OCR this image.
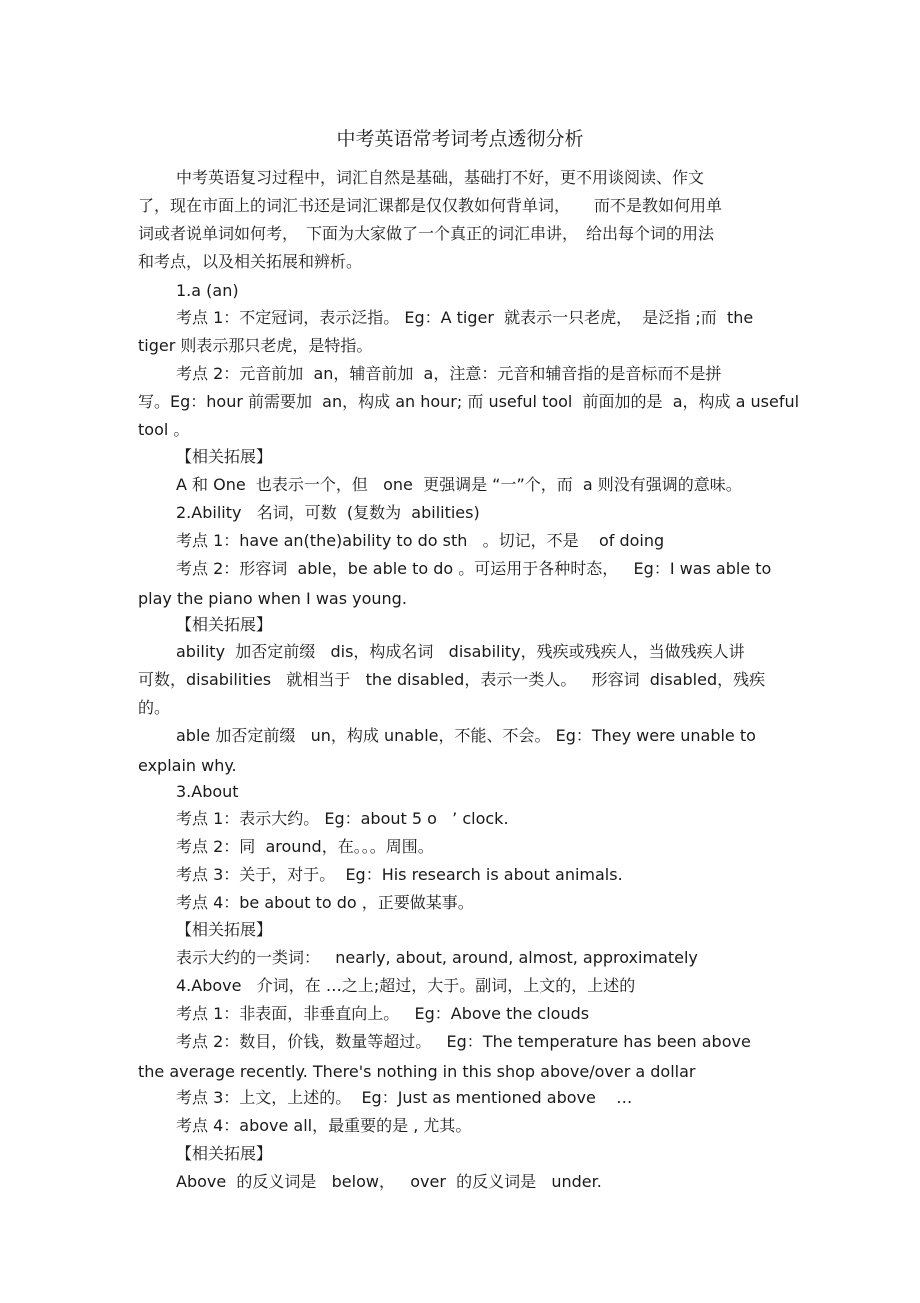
中考英语常考词考点透彻分析
中考英语复习过程中，词汇自然是基础，基础打不好，更不用谈阅读、作文
了，现在市面上的词汇书还是词汇课都是仅仅教如何背单词，　　而不是教如何用单
词或者说单词如何考，　下面为大家做了一个真正的词汇串讲，　给出每个词的用法
和考点，以及相关拓展和辨析。
1.a (an)
考点 1：不定冠词，表示泛指。 Eg：A tiger  就表示一只老虎，  是泛指 ;而  the
tiger 则表示那只老虎，是特指。
考点 2：元音前加  an，辅音前加  a，注意：元音和辅音指的是音标而不是拼
写。Eg：hour 前需要加  an，构成 an hour; 而 useful tool  前面加的是  a，构成 a useful
tool 。
【相关拓展】
A 和 One  也表示一个，但   one  更强调是 “一”个，而  a 则没有强调的意味。
2.Ability   名词，可数  (复数为  abilities)
考点 1：have an(the)ability to do sth   。切记，不是    of doing
考点 2：形容词  able，be able to do 。可运用于各种时态，   Eg：I was able to
play the piano when I was young.
【相关拓展】
ability  加否定前缀   dis，构成名词   disability，残疾或残疾人，当做残疾人讲
可数，disabilities   就相当于   the disabled，表示一类人。   形容词  disabled，残疾
的。
able 加否定前缀   un，构成 unable，不能、不会。 Eg：They were unable to
explain why.
3.About
考点 1：表示大约。 Eg：about 5 o   ’ clock.
考点 2：同  around，在。。。周围。
考点 3：关于，对于。  Eg：His research is about animals.
考点 4：be about to do ，正要做某事。
【相关拓展】
表示大约的一类词：   nearly, about, around, almost, approximately
4.Above   介词，在 …之上;超过，大于。副词，上文的，上述的
考点 1：非表面，非垂直向上。   Eg：Above the clouds
考点 2：数目，价钱，数量等超过。   Eg：The temperature has been above
the average recently. There's nothing in this shop above/over a dollar
考点 3：上文，上述的。  Eg：Just as mentioned above    …
考点 4：above all，最重要的是 , 尤其。
【相关拓展】
Above  的反义词是   below，   over  的反义词是   under.
